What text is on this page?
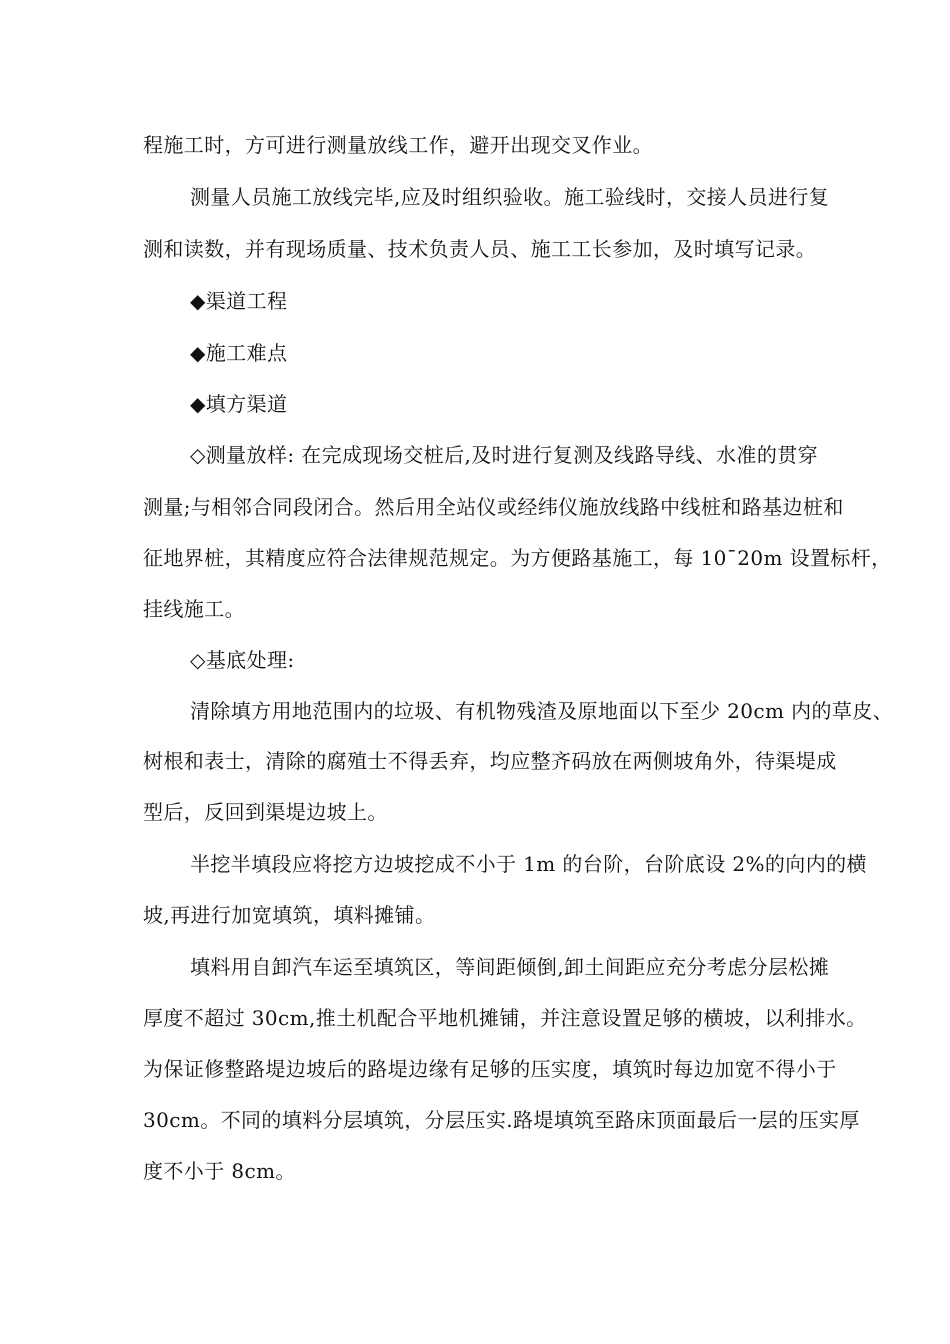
程施工时，方可进行测量放线工作，避开出现交叉作业。
测量人员施工放线完毕,应及时组织验收。施工验线时，交接人员进行复
测和读数，并有现场质量、技术负责人员、施工工长参加，及时填写记录。
◆渠道工程
◆施工难点
◆填方渠道
◇测量放样: 在完成现场交桩后,及时进行复测及线路导线、水准的贯穿
测量;与相邻合同段闭合。然后用全站仪或经纬仪施放线路中线桩和路基边桩和
征地界桩，其精度应符合法律规范规定。为方便路基施工，每 10¯20m 设置标杆，
挂线施工。
◇基底处理:
清除填方用地范围内的垃圾、有机物残渣及原地面以下至少 20cm 内的草皮、
树根和表士，清除的腐殖士不得丢弃，均应整齐码放在两侧坡角外，待渠堤成
型后，反回到渠堤边坡上。
半挖半填段应将挖方边坡挖成不小于 1m 的台阶，台阶底设 2%的向内的横
坡,再进行加宽填筑，填料摊铺。
填料用自卸汽车运至填筑区，等间距倾倒,卸土间距应充分考虑分层松摊
厚度不超过 30cm,推土机配合平地机摊铺，并注意设置足够的横坡，以利排水。
为保证修整路堤边坡后的路堤边缘有足够的压实度，填筑时每边加宽不得小于
30cm。不同的填料分层填筑，分层压实.路堤填筑至路床顶面最后一层的压实厚
度不小于 8cm。
